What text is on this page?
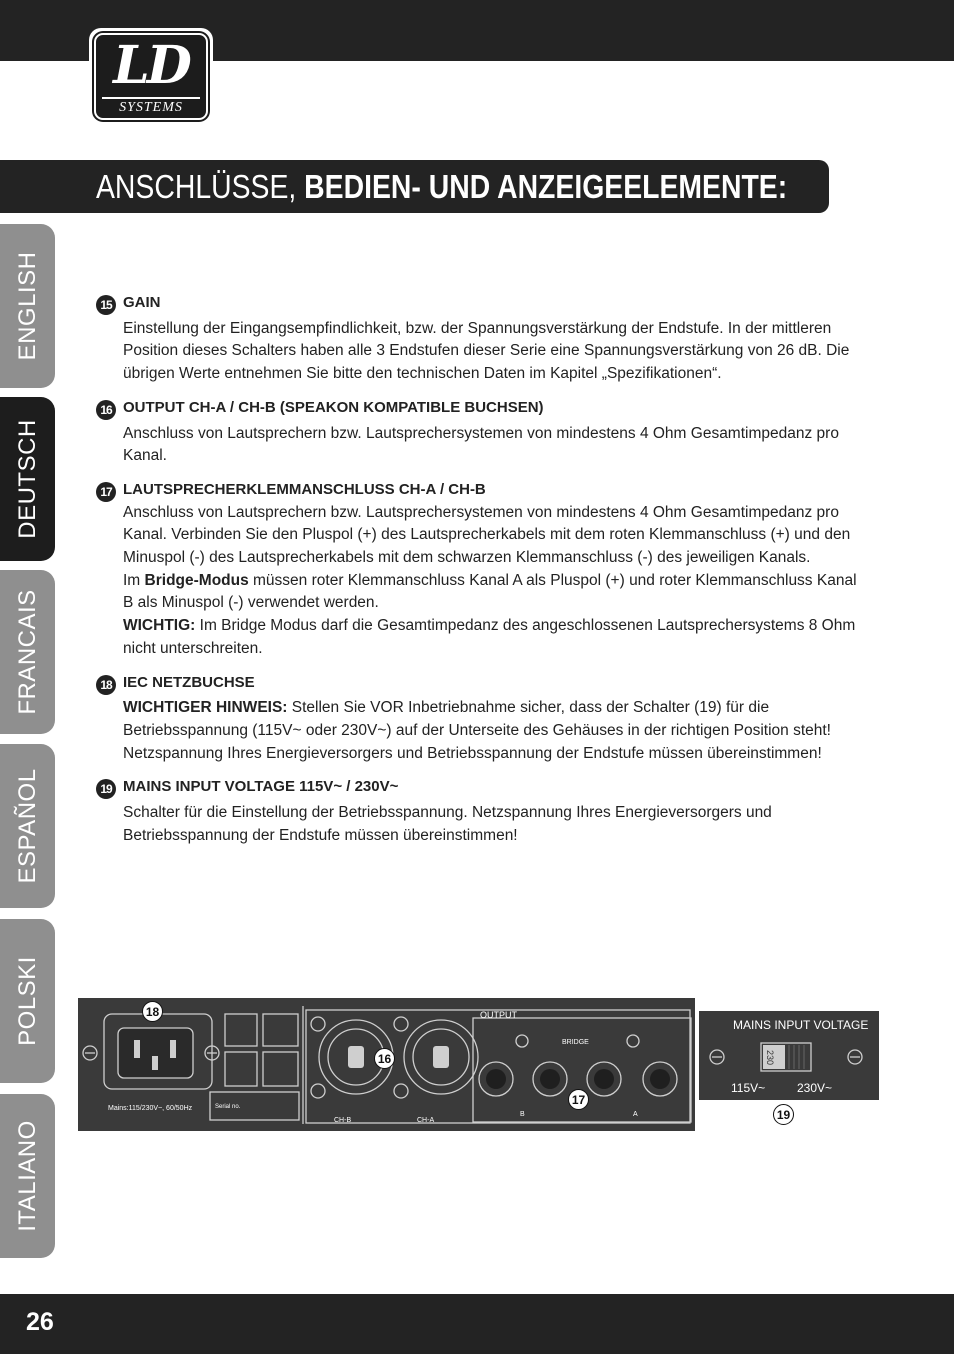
LD
SYSTEMS
ANSCHLÜSSE, BEDIEN- UND ANZEIGEELEMENTE:
ENGLISH
DEUTSCH
FRANCAIS
ESPAÑOL
POLSKI
ITALIANO
15 GAIN

Einstellung der Eingangsempfindlichkeit, bzw. der Spannungsverstärkung der Endstufe. In der mittleren Position dieses Schalters haben alle 3 Endstufen dieser Serie eine Spannungsverstärkung von 26 dB. Die übrigen Werte entnehmen Sie bitte den technischen Daten im Kapitel „Spezifikationen“.

16 OUTPUT CH-A / CH-B (SPEAKON KOMPATIBLE BUCHSEN)

Anschluss von Lautsprechern bzw. Lautsprechersystemen von mindestens 4 Ohm Gesamtimpedanz pro Kanal.

17 LAUTSPRECHERKLEMMANSCHLUSS CH-A / CH-B

Anschluss von Lautsprechern bzw. Lautsprechersystemen von mindestens 4 Ohm Gesamtimpedanz pro Kanal. Verbinden Sie den Pluspol (+) des Lautsprecherkabels mit dem roten Klemmanschluss (+) und den Minuspol (-) des Lautsprecherkabels mit dem schwarzen Klemmanschluss (-) des jeweiligen Kanals.

Im Bridge-Modus müssen roter Klemmanschluss Kanal A als Pluspol (+) und roter Klemmanschluss Kanal B als Minuspol (-) verwendet werden.

WICHTIG: Im Bridge Modus darf die Gesamtimpedanz des angeschlossenen Lautsprechersystems 8 Ohm nicht unterschreiten.

18 IEC NETZBUCHSE

WICHTIGER HINWEIS: Stellen Sie VOR Inbetriebnahme sicher, dass der Schalter (19) für die Betriebsspannung (115V~ oder 230V~) auf der Unterseite des Gehäuses in der richtigen Position steht! Netzspannung Ihres Energieversorgers und Betriebsspannung der Endstufe müssen übereinstimmen!

19 MAINS INPUT VOLTAGE 115V~ / 230V~

Schalter für die Einstellung der Betriebsspannung. Netzspannung Ihres Energieversorgers und Betriebsspannung der Endstufe müssen übereinstimmen!

Mains:115/230V~, 60/50Hz	Serial no.
OUTPUT
BRIDGE
CH-B	CH-A
B	A
18
16
17
MAINS INPUT VOLTAGE
230
115V~	230V~
19
26
